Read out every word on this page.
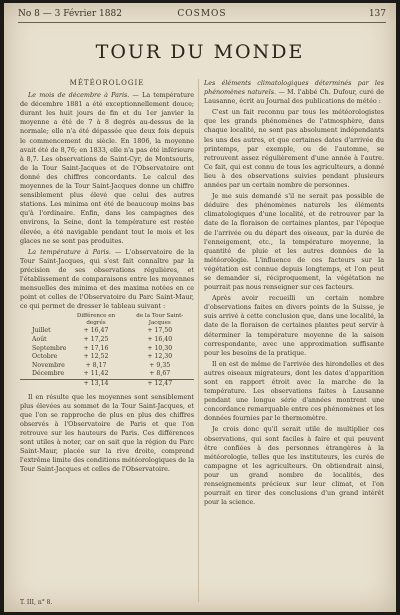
No 8 — 3 Février 1882	COSMOS	137
TOUR DU MONDE
MÉTÉOROLOGIE

Le mois de décembre à Paris. — La température de décembre 1881 a été exceptionnellement douce; durant les huit jours de fin et du 1er janvier la moyenne a été de 7 à 8 degrés au-dessus de la normale; elle n'a été dépassée que deux fois depuis le commencement du siècle. En 1806, la moyenne avait été de 8,76; en 1833, elle n'a pas été inférieure à 8,7. Les observations de Saint-Cyr, de Montsouris, de la Tour Saint-Jacques et de l'Observatoire ont donné des chiffres concordants. Le calcul des moyennes de la Tour Saint-Jacques donne un chiffre sensiblement plus élevé que celui des autres stations. Les minima ont été de beaucoup moins bas qu'à l'ordinaire. Enfin, dans les campagnes des environs, la Seine, dont la température est restée élevée, a été navigable pendant tout le mois et les glaces ne se sont pas produites.

La température à Paris. — L'observatoire de la Tour Saint-Jacques, qui s'est fait connaître par la précision de ses observations régulières, et l'établissement de comparaisons entre les moyennes mensuelles des minima et des maxima notées en ce point et celles de l'Observatoire du Parc Saint-Maur, ce qui permet de dresser le tableau suivant :

	Différence en degrés	de la Tour Saint-Jacques
Juillet	+ 16,47	+ 17,50
Août	+ 17,25	+ 16,40
Septembre	+ 17,16	+ 10,30
Octobre	+ 12,52	+ 12,30
Novembre	+ 8,17	+ 9,35
Décembre	+ 11,42	+ 8,67
	+ 13,14	+ 12,47

Il en résulte que les moyennes sont sensiblement plus élevées au sommet de la Tour Saint-Jacques, et que l'on se rapproche de plus en plus des chiffres observés à l'Observatoire de Paris et que l'on retrouve sur les hauteurs de Paris. Ces différences sont utiles à noter, car on sait que la région du Parc Saint-Maur, placée sur la rive droite, comprend l'extrême limite des conditions météorologiques de la Tour Saint-Jacques et celles de l'Observatoire.

Les éléments climatologiques déterminés par les phénomènes naturels. — M. l'abbé Ch. Dufour, curé de Lausanne, écrit au Journal des publications de météo :

C'est un fait reconnu par tous les météorologistes que les grands phénomènes de l'atmosphère, dans chaque localité, ne sont pas absolument indépendants les uns des autres, et que certaines dates d'arrivée du printemps, par exemple, ou de l'automne, se retrouvent assez régulièrement d'une année à l'autre. Ce fait, qui est connu de tous les agriculteurs, a donné lieu à des observations suivies pendant plusieurs années par un certain nombre de personnes.

Je me suis demandé s'il ne serait pas possible de déduire des phénomènes naturels les éléments climatologiques d'une localité, et de retrouver par la date de la floraison de certaines plantes, par l'époque de l'arrivée ou du départ des oiseaux, par la durée de l'enneigement, etc., la température moyenne, la quantité de pluie et les autres données de la météorologie. L'influence de ces facteurs sur la végétation est connue depuis longtemps, et l'on peut se demander si, réciproquement, la végétation ne pourrait pas nous renseigner sur ces facteurs.

Après avoir recueilli un certain nombre d'observations faites en divers points de la Suisse, je suis arrivé à cette conclusion que, dans une localité, la date de la floraison de certaines plantes peut servir à déterminer la température moyenne de la saison correspondante, avec une approximation suffisante pour les besoins de la pratique.

Il en est de même de l'arrivée des hirondelles et des autres oiseaux migrateurs, dont les dates d'apparition sont en rapport étroit avec la marche de la température. Les observations faites à Lausanne pendant une longue série d'années montrent une concordance remarquable entre ces phénomènes et les données fournies par le thermomètre.

Je crois donc qu'il serait utile de multiplier ces observations, qui sont faciles à faire et qui peuvent être confiées à des personnes étrangères à la météorologie, telles que les instituteurs, les curés de campagne et les agriculteurs. On obtiendrait ainsi, pour un grand nombre de localités, des renseignements précieux sur leur climat, et l'on pourrait en tirer des conclusions d'un grand intérêt pour la science.

T. III, n° 8.
